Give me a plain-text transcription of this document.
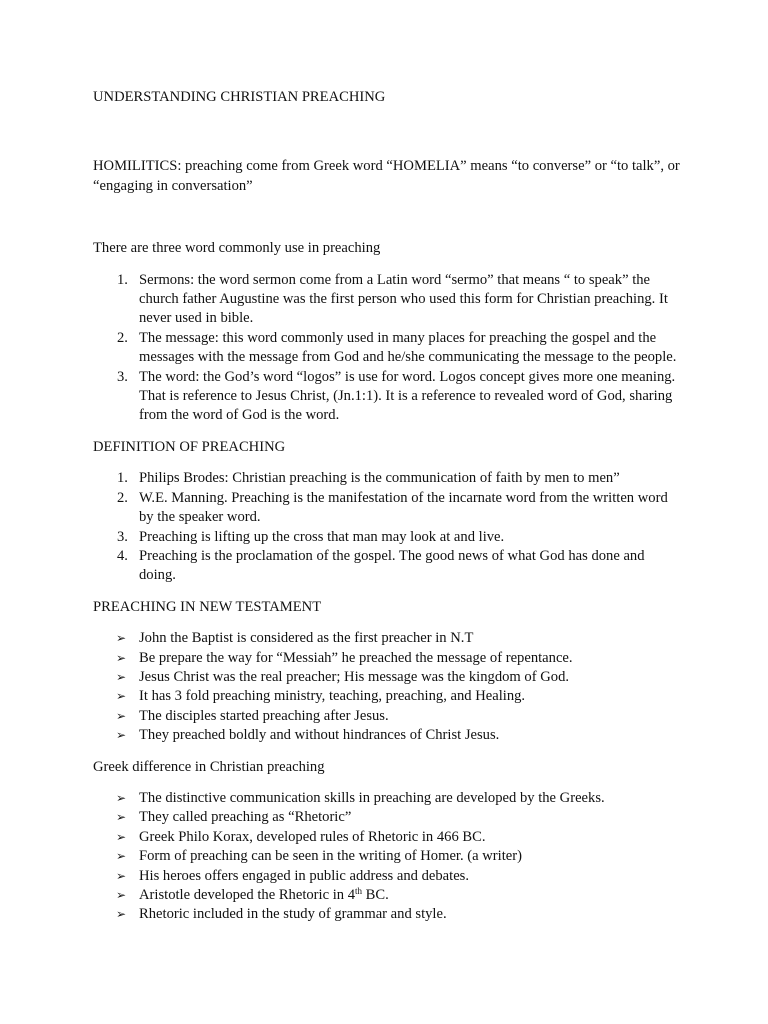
UNDERSTANDING CHRISTIAN PREACHING
HOMILITICS: preaching come from Greek word “HOMELIA” means “to converse” or “to talk”, or “engaging in conversation”
There are three word commonly use in preaching
1. Sermons: the word sermon come from a Latin word “sermo” that means “ to speak” the church father Augustine was the first person who used this form for Christian preaching. It never used in bible.
2. The message: this word commonly used in many places for preaching the gospel and the messages with the message from God and he/she communicating the message to the people.
3. The word: the God’s word “logos” is use for word. Logos concept gives more one meaning. That is reference to Jesus Christ, (Jn.1:1). It is a reference to revealed word of God, sharing from the word of God is the word.
DEFINITION OF PREACHING
1. Philips Brodes: Christian preaching is the communication of faith by men to men”
2. W.E. Manning. Preaching is the manifestation of the incarnate word from the written word by the speaker word.
3. Preaching is lifting up the cross that man may look at and live.
4. Preaching is the proclamation of the gospel. The good news of what God has done and doing.
PREACHING IN NEW TESTAMENT
➢ John the Baptist is considered as the first preacher in N.T
➢ Be prepare the way for “Messiah” he preached the message of repentance.
➢ Jesus Christ was the real preacher; His message was the kingdom of God.
➢ It has 3 fold preaching ministry, teaching, preaching, and Healing.
➢ The disciples started preaching after Jesus.
➢ They preached boldly and without hindrances of Christ Jesus.
Greek difference in Christian preaching
➢ The distinctive communication skills in preaching are developed by the Greeks.
➢ They called preaching as “Rhetoric”
➢ Greek Philo Korax, developed rules of Rhetoric in 466 BC.
➢ Form of preaching can be seen in the writing of Homer. (a writer)
➢ His heroes offers engaged in public address and debates.
➢ Aristotle developed the Rhetoric in 4th BC.
➢ Rhetoric included in the study of grammar and style.
